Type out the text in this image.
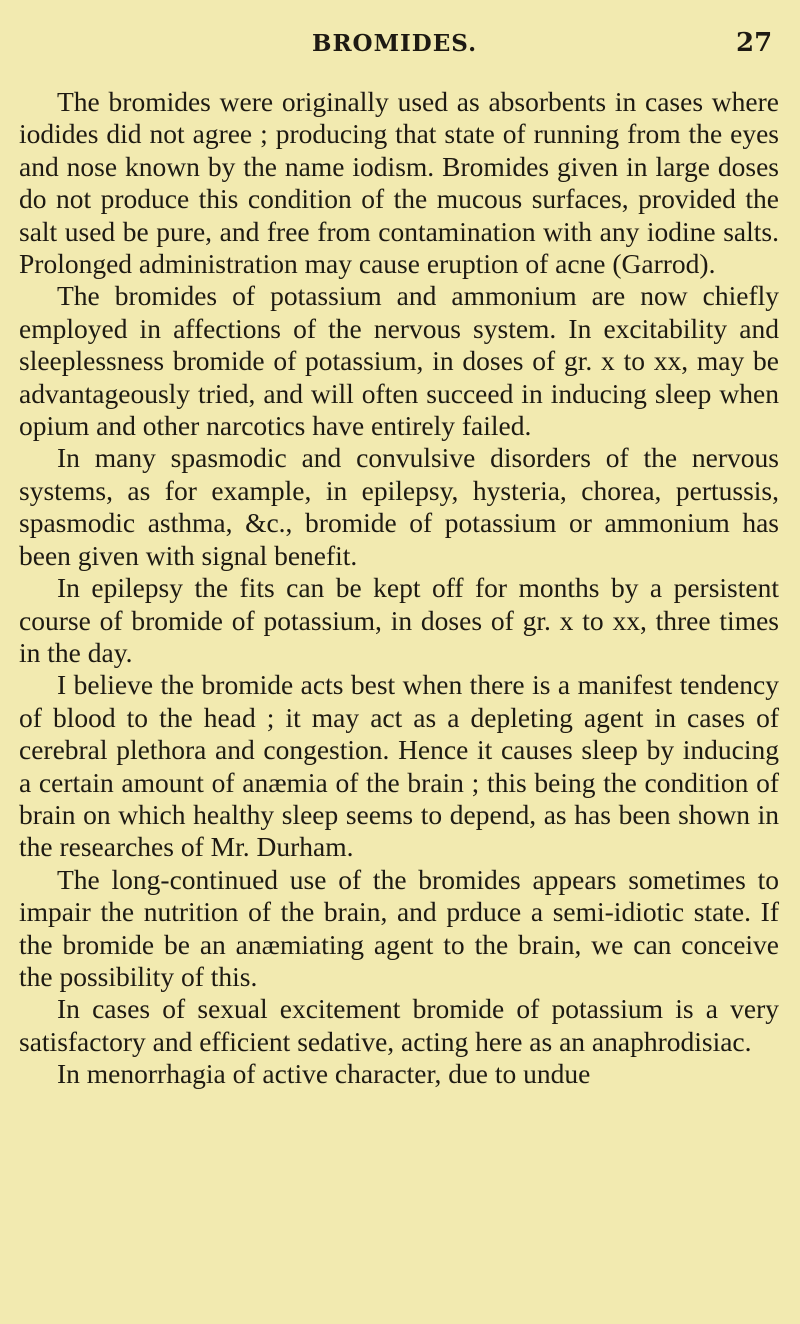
BROMIDES.	27

The bromides were originally used as absorbents in cases where iodides did not agree ; producing that state of running from the eyes and nose known by the name iodism. Bromides given in large doses do not produce this condition of the mucous surfaces, provided the salt used be pure, and free from contamination with any iodine salts. Prolonged administration may cause eruption of acne (Garrod).

The bromides of potassium and ammonium are now chiefly employed in affections of the nervous system. In excitability and sleeplessness bromide of potassium, in doses of gr. x to xx, may be advantageously tried, and will often succeed in inducing sleep when opium and other narcotics have entirely failed.

In many spasmodic and convulsive disorders of the nervous systems, as for example, in epilepsy, hysteria, chorea, pertussis, spasmodic asthma, &c., bromide of potassium or ammonium has been given with signal benefit.

In epilepsy the fits can be kept off for months by a persistent course of bromide of potassium, in doses of gr. x to xx, three times in the day.

I believe the bromide acts best when there is a manifest tendency of blood to the head ; it may act as a depleting agent in cases of cerebral plethora and congestion. Hence it causes sleep by inducing a certain amount of anæmia of the brain ; this being the condition of brain on which healthy sleep seems to depend, as has been shown in the researches of Mr. Durham.

The long-continued use of the bromides appears sometimes to impair the nutrition of the brain, and prduce a semi-idiotic state. If the bromide be an anæmiating agent to the brain, we can conceive the possibility of this.

In cases of sexual excitement bromide of potassium is a very satisfactory and efficient sedative, acting here as an anaphrodisiac.

In menorrhagia of active character, due to undue
